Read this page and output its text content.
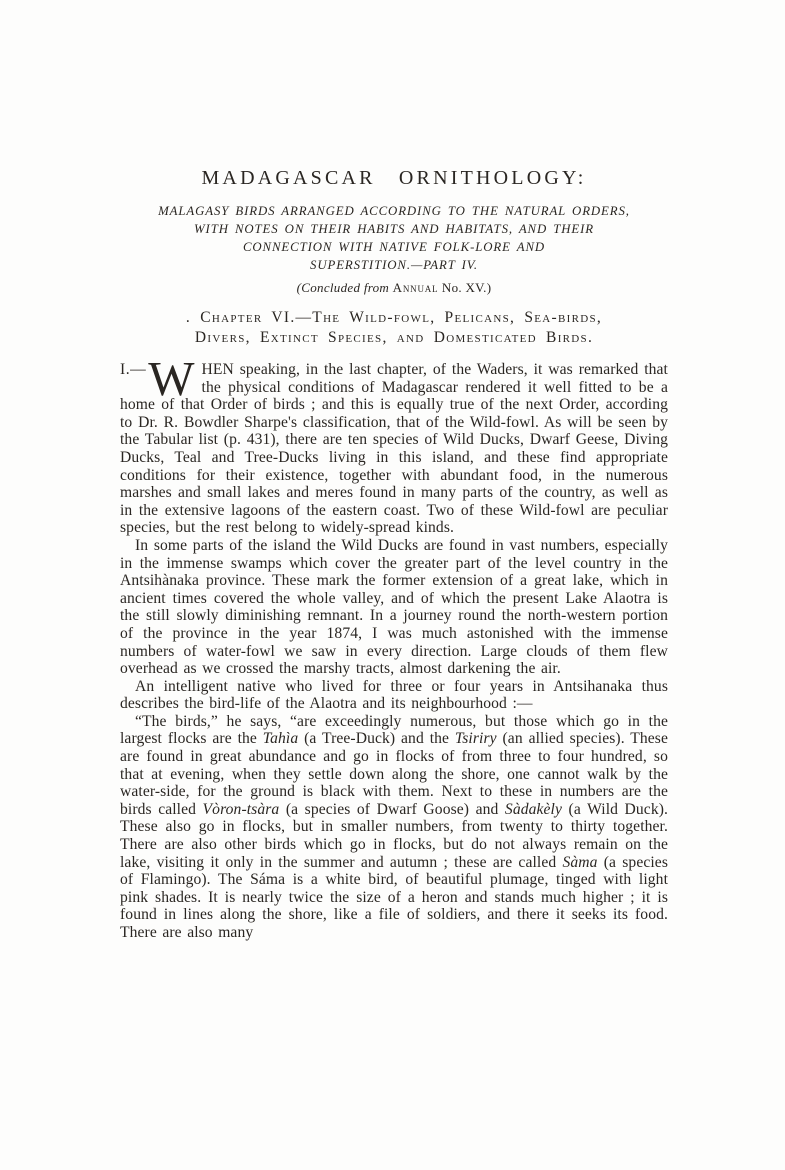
MADAGASCAR ORNITHOLOGY:
MALAGASY BIRDS ARRANGED ACCORDING TO THE NATURAL ORDERS,
WITH NOTES ON THEIR HABITS AND HABITATS, AND THEIR
CONNECTION WITH NATIVE FOLK-LORE AND
SUPERSTITION.—PART IV.
(Concluded from Annual No. XV.)
. Chapter VI.—The Wild-fowl, Pelicans, Sea-birds,
Divers, Extinct Species, and Domesticated Birds.

I.— W HEN speaking, in the last chapter, of the Waders, it was remarked that the physical conditions of Madagascar rendered it well fitted to be a home of that Order of birds ; and this is equally true of the next Order, according to Dr. R. Bowdler Sharpe's classification, that of the Wild-fowl. As will be seen by the Tabular list (p. 431), there are ten species of Wild Ducks, Dwarf Geese, Diving Ducks, Teal and Tree-Ducks living in this island, and these find appropriate conditions for their existence, together with abundant food, in the numerous marshes and small lakes and meres found in many parts of the country, as well as in the extensive lagoons of the eastern coast. Two of these Wild-fowl are peculiar species, but the rest belong to widely-spread kinds.

In some parts of the island the Wild Ducks are found in vast numbers, especially in the immense swamps which cover the greater part of the level country in the Antsihànaka province. These mark the former extension of a great lake, which in ancient times covered the whole valley, and of which the present Lake Alaotra is the still slowly diminishing remnant. In a journey round the north-western portion of the province in the year 1874, I was much astonished with the immense numbers of water-fowl we saw in every direction. Large clouds of them flew overhead as we crossed the marshy tracts, almost darkening the air.

An intelligent native who lived for three or four years in Antsihanaka thus describes the bird-life of the Alaotra and its neighbourhood :—

“The birds,” he says, “are exceedingly numerous, but those which go in the largest flocks are the Tahìa (a Tree-Duck) and the Tsiriry (an allied species). These are found in great abundance and go in flocks of from three to four hundred, so that at evening, when they settle down along the shore, one cannot walk by the water-side, for the ground is black with them. Next to these in numbers are the birds called Vòron-tsàra (a species of Dwarf Goose) and Sàdakèly (a Wild Duck). These also go in flocks, but in smaller numbers, from twenty to thirty together. There are also other birds which go in flocks, but do not always remain on the lake, visiting it only in the summer and autumn ; these are called Sàma (a species of Flamingo). The Sáma is a white bird, of beautiful plumage, tinged with light pink shades. It is nearly twice the size of a heron and stands much higher ; it is found in lines along the shore, like a file of soldiers, and there it seeks its food. There are also many
